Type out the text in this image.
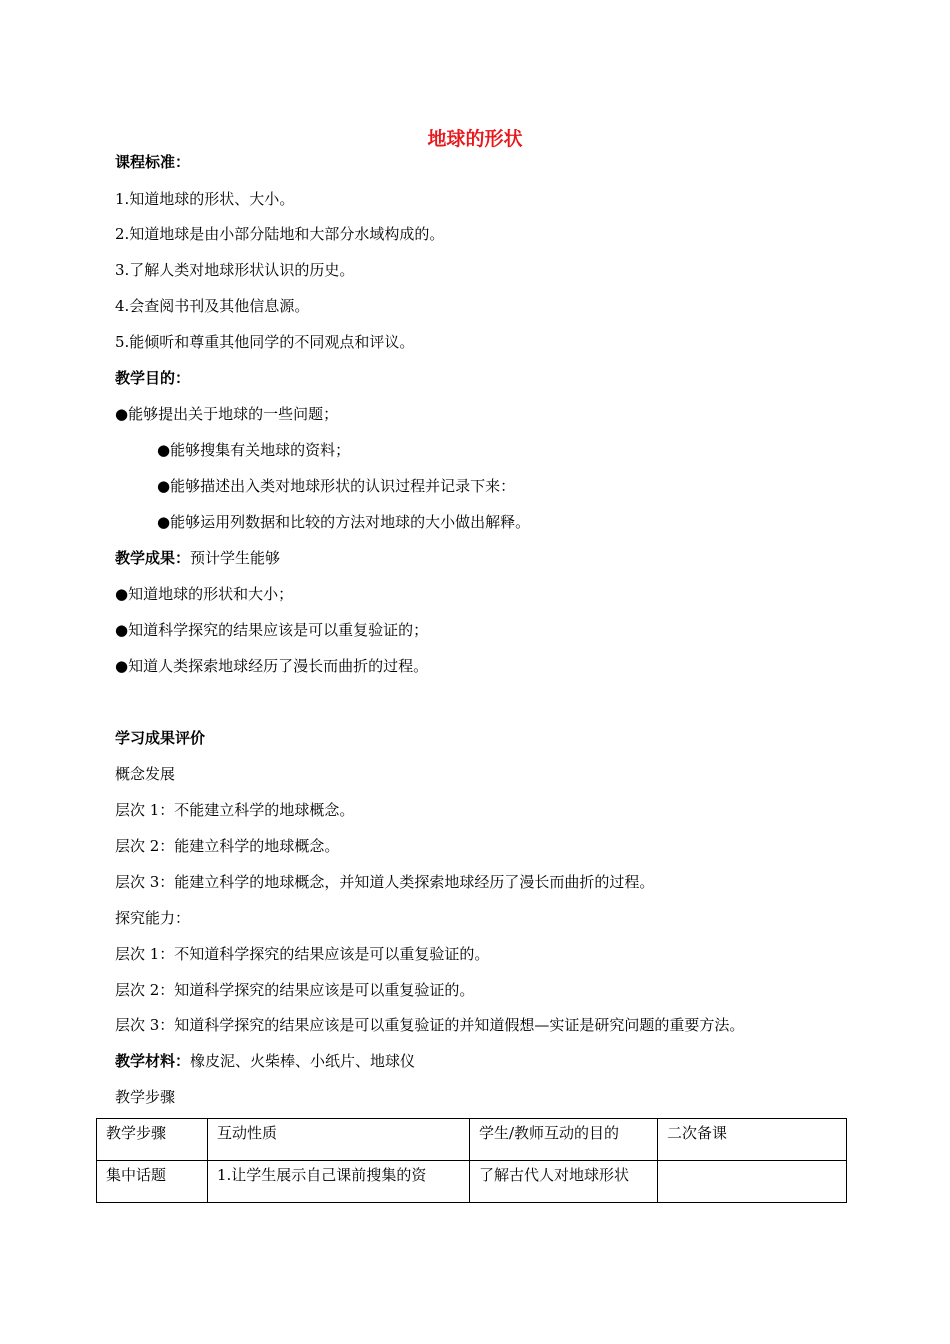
地球的形状
课程标准：
1.知道地球的形状、大小。
2.知道地球是由小部分陆地和大部分水域构成的。
3.了解人类对地球形状认识的历史。
4.会查阅书刊及其他信息源。
5.能倾听和尊重其他同学的不同观点和评议。
教学目的：
●能够提出关于地球的一些问题；
●能够搜集有关地球的资料；
●能够描述出入类对地球形状的认识过程并记录下来：
●能够运用列数据和比较的方法对地球的大小做出解释。
教学成果：预计学生能够
●知道地球的形状和大小；
●知道科学探究的结果应该是可以重复验证的；
●知道人类探索地球经历了漫长而曲折的过程。
学习成果评价
概念发展
层次 1：不能建立科学的地球概念。
层次 2：能建立科学的地球概念。
层次 3：能建立科学的地球概念，并知道人类探索地球经历了漫长而曲折的过程。
探究能力：
层次 1：不知道科学探究的结果应该是可以重复验证的。
层次 2：知道科学探究的结果应该是可以重复验证的。
层次 3：知道科学探究的结果应该是可以重复验证的并知道假想—实证是研究问题的重要方法。
教学材料：橡皮泥、火柴棒、小纸片、地球仪
教学步骤
教学步骤	互动性质	学生/教师互动的目的	二次备课
集中话题	1.让学生展示自己课前搜集的资	了解古代人对地球形状	
